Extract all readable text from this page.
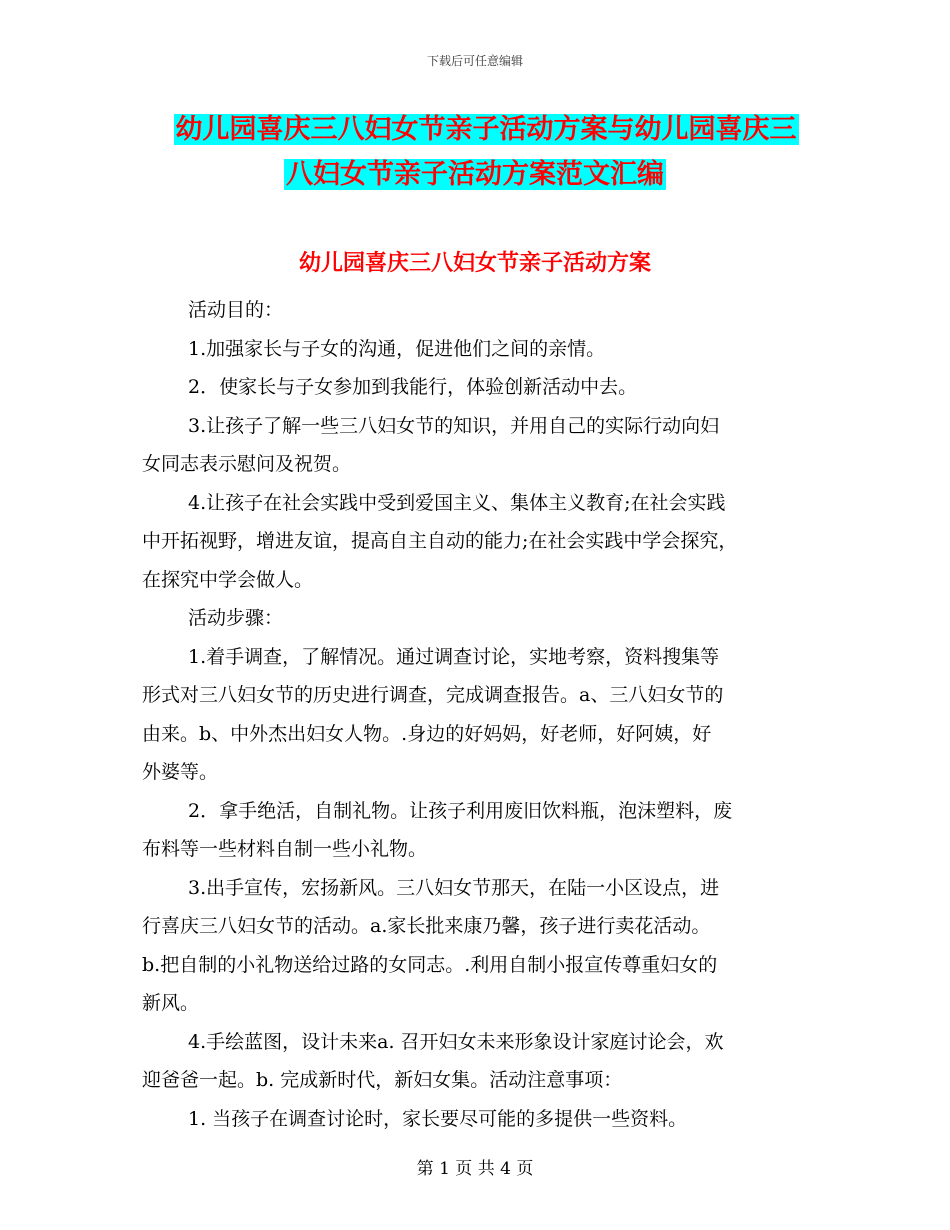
下载后可任意编辑
幼儿园喜庆三八妇女节亲子活动方案与幼儿园喜庆三
八妇女节亲子活动方案范文汇编
幼儿园喜庆三八妇女节亲子活动方案
活动目的：
1.加强家长与子女的沟通，促进他们之间的亲情。
2．使家长与子女参加到我能行，体验创新活动中去。
3.让孩子了解一些三八妇女节的知识，并用自己的实际行动向妇
女同志表示慰问及祝贺。
4.让孩子在社会实践中受到爱国主义、集体主义教育;在社会实践
中开拓视野，增进友谊，提高自主自动的能力;在社会实践中学会探究，
在探究中学会做人。
活动步骤：
1.着手调查，了解情况。通过调查讨论，实地考察，资料搜集等
形式对三八妇女节的历史进行调查，完成调查报告。a、三八妇女节的
由来。b、中外杰出妇女人物。.身边的好妈妈，好老师，好阿姨，好
外婆等。
2．拿手绝活，自制礼物。让孩子利用废旧饮料瓶，泡沫塑料，废
布料等一些材料自制一些小礼物。
3.出手宣传，宏扬新风。三八妇女节那天，在陆一小区设点，进
行喜庆三八妇女节的活动。a.家长批来康乃馨，孩子进行卖花活动。
b.把自制的小礼物送给过路的女同志。.利用自制小报宣传尊重妇女的
新风。
4.手绘蓝图，设计未来a. 召开妇女未来形象设计家庭讨论会，欢
迎爸爸一起。b. 完成新时代，新妇女集。活动注意事项：
1. 当孩子在调查讨论时，家长要尽可能的多提供一些资料。
第 1 页 共 4 页
